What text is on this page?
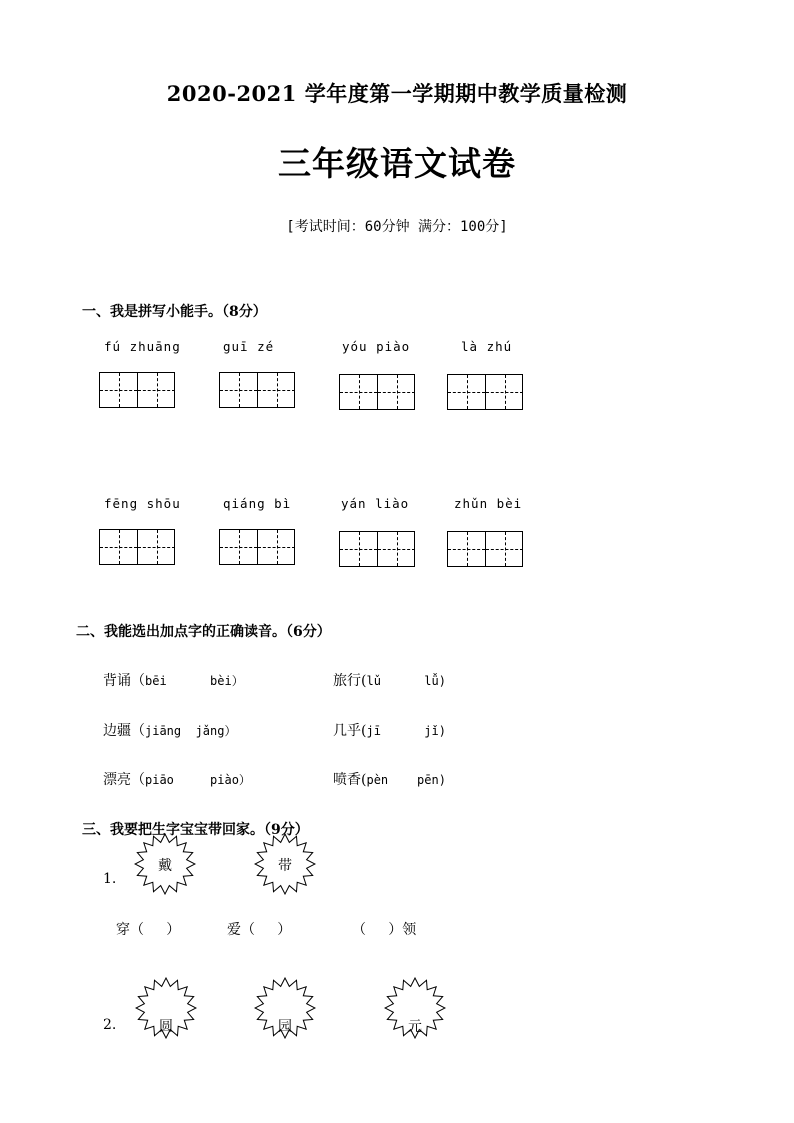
2020-2021 学年度第一学期期中教学质量检测
三年级语文试卷
[考试时间：60分钟 满分：100分]
一、我是拼写小能手。（8分）
fú zhuāng	guī zé	yóu piào	là zhú
fēng shōu	qiáng bì	yán liào	zhǔn bèi
二、我能选出加点字的正确读音。（6分）
背诵（bēi      bèi）	旅行(lǔ      lǚ)
边疆（jiāng  jǎng）	几乎(jī      jǐ)
漂亮（piāo     piào）	喷香(pèn    pēn)
三、我要把生字宝宝带回家。（9分）
1.
戴	带
穿（     ）	爱（     ）	（     ）领
2.	圆	园	元
